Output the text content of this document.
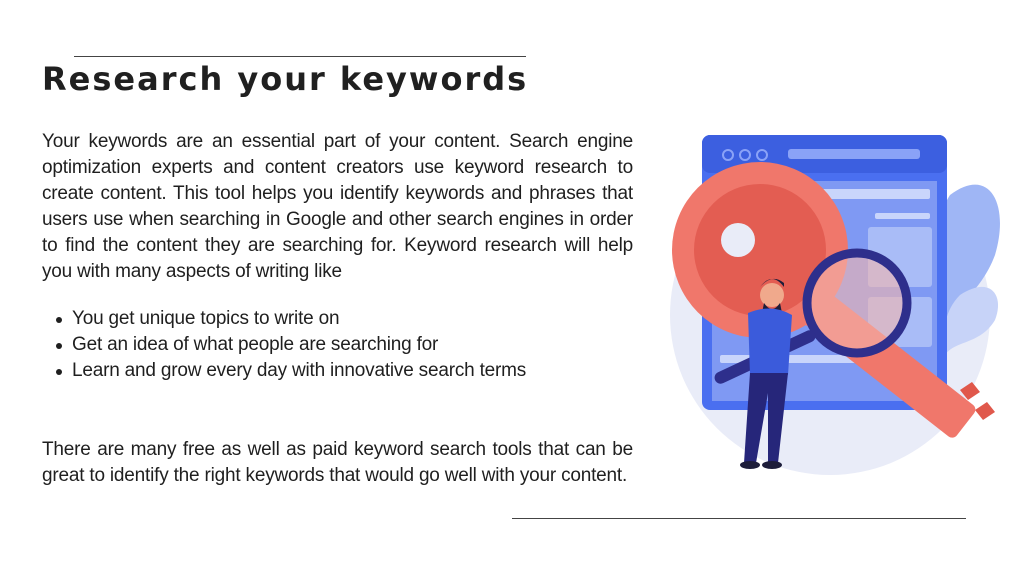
Research your keywords

Your keywords are an essential part of your content. Search engine optimization experts and content creators use keyword research to create content. This tool helps you identify keywords and phrases that users use when searching in Google and other search engines in order to find the content they are searching for. Keyword research will help you with many aspects of writing like

You get unique topics to write on
Get an idea of what people are searching for
Learn and grow every day with innovative search terms

There are many free as well as paid keyword search tools that can be great to identify the right keywords that would go well with your content.
